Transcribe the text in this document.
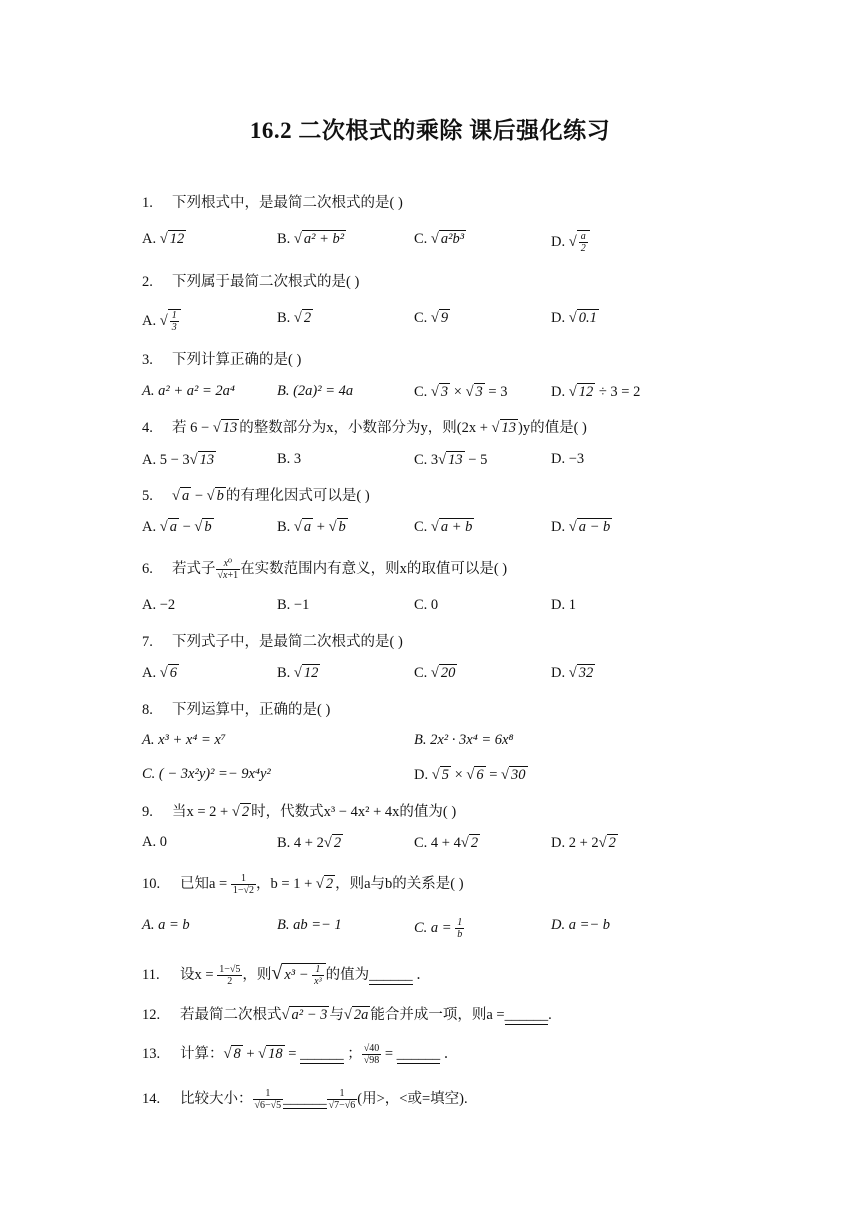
16.2 二次根式的乘除 课后强化练习
1. 下列根式中，是最简二次根式的是( )
A. √ 12	B. √ a² + b²	C. √ a²b³	D. √ $\frac{a}{2}$
2. 下列属于最简二次根式的是( )
A. √ $\frac{1}{3}$	B. √ 2	C. √ 9	D. √ 0.1
3. 下列计算正确的是( )
A. a² + a² = 2a⁴	B. (2a)² = 4a	C. √ 3 × √ 3 = 3	D. √ 12 ÷ 3 = 2
4. 若 6 − √ 13 的整数部分为x，小数部分为y，则(2x + √ 13 )y的值是( )
A. 5 − 3√ 13	B. 3	C. 3√ 13 − 5	D. −3
5. √ a − √ b 的有理化因式可以是( )
A. √ a − √ b	B. √ a + √ b	C. √ a + b	D. √ a − b
6. 若式子 $\frac{\text{x⁰}}{√x+1}$ 在实数范围内有意义，则x的取值可以是( )
A. −2	B. −1	C. 0	D. 1
7. 下列式子中，是最简二次根式的是( )
A. √ 6	B. √ 12	C. √ 20	D. √ 32
8. 下列运算中，正确的是( )
A. x³ + x⁴ = x⁷	B. 2x² · 3x⁴ = 6x⁸
C. ( − 3x²y)² =− 9x⁴y²	D. √ 5 × √ 6 = √ 30
9. 当x = 2 + √ 2 时，代数式x³ − 4x² + 4x的值为( )
A. 0	B. 4 + 2√ 2	C. 4 + 4√ 2	D. 2 + 2√ 2
10. 已知$a = \frac{1}{1-√2}$ ，b = 1 + √ 2 ，则a与b的关系是( )
A. a = b	B. ab =− 1	C. $a = \frac{1}{b}$	D. a =− b
11. 设$x = \frac{1-√5}{2}$ ，则√ $x^3 - \frac{1}{\text{x³}}$ 的值为______ ．
12. 若最简二次根式√ a² − 3 与√ 2a 能合并成一项，则a =______.
13. 计算：√ 8 + √ 18 = ______ ； $\frac{√40}{√98}$ = ______ ．
14. 比较大小： $\frac{1}{√6-√5}$ ______ $\frac{1}{√7-√6}$ (用>，<或=填空).
